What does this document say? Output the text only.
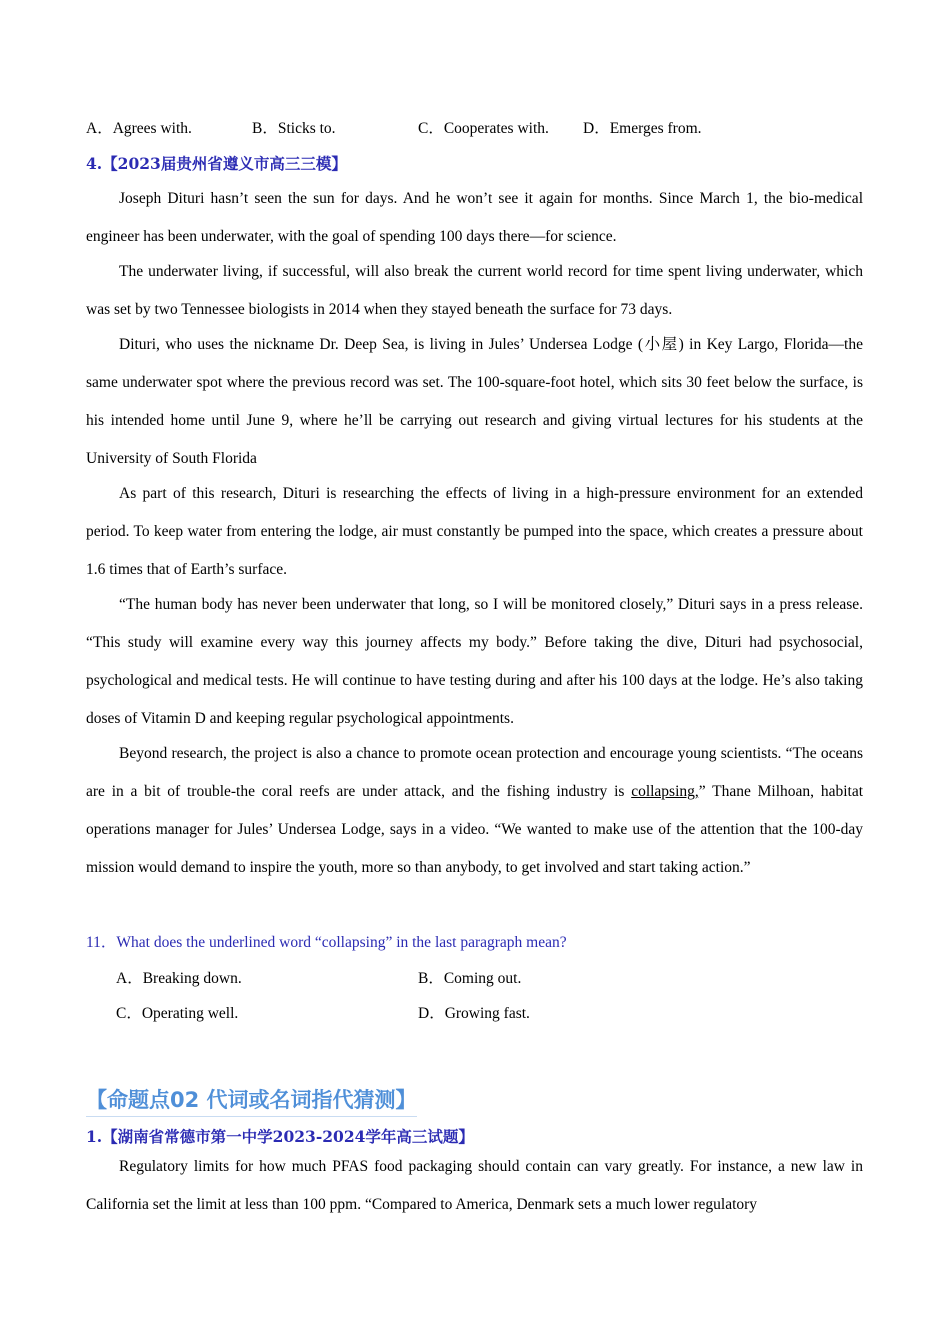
A．Agrees with.	B．Sticks to.	C．Cooperates with. D．Emerges from.
4.【2023届贵州省遵义市高三三模】

Joseph Dituri hasn’t seen the sun for days. And he won’t see it again for months. Since March 1, the bio-medical engineer has been underwater, with the goal of spending 100 days there—for science.

The underwater living, if successful, will also break the current world record for time spent living underwater, which was set by two Tennessee biologists in 2014 when they stayed beneath the surface for 73 days.

Dituri, who uses the nickname Dr. Deep Sea, is living in Jules’ Undersea Lodge (小屋) in Key Largo, Florida—the same underwater spot where the previous record was set. The 100-square-foot hotel, which sits 30 feet below the surface, is his intended home until June 9, where he’ll be carrying out research and giving virtual lectures for his students at the University of South Florida

As part of this research, Dituri is researching the effects of living in a high-pressure environment for an extended period. To keep water from entering the lodge, air must constantly be pumped into the space, which creates a pressure about 1.6 times that of Earth’s surface.

“The human body has never been underwater that long, so I will be monitored closely,” Dituri says in a press release. “This study will examine every way this journey affects my body.” Before taking the dive, Dituri had psychosocial, psychological and medical tests. He will continue to have testing during and after his 100 days at the lodge. He’s also taking doses of Vitamin D and keeping regular psychological appointments.

Beyond research, the project is also a chance to promote ocean protection and encourage young scientists. “The oceans are in a bit of trouble-the coral reefs are under attack, and the fishing industry is collapsing,” Thane Milhoan, habitat operations manager for Jules’ Undersea Lodge, says in a video. “We wanted to make use of the attention that the 100-day mission would demand to inspire the youth, more so than anybody, to get involved and start taking action.”

11．What does the underlined word “collapsing” in the last paragraph mean?
A．Breaking down.	B．Coming out.
C．Operating well.	D．Growing fast.
【命题点02 代词或名词指代猜测】
1.【湖南省常德市第一中学2023-2024学年高三试题】

Regulatory limits for how much PFAS food packaging should contain can vary greatly. For instance, a new law in California set the limit at less than 100 ppm. “Compared to America, Denmark sets a much lower regulatory
